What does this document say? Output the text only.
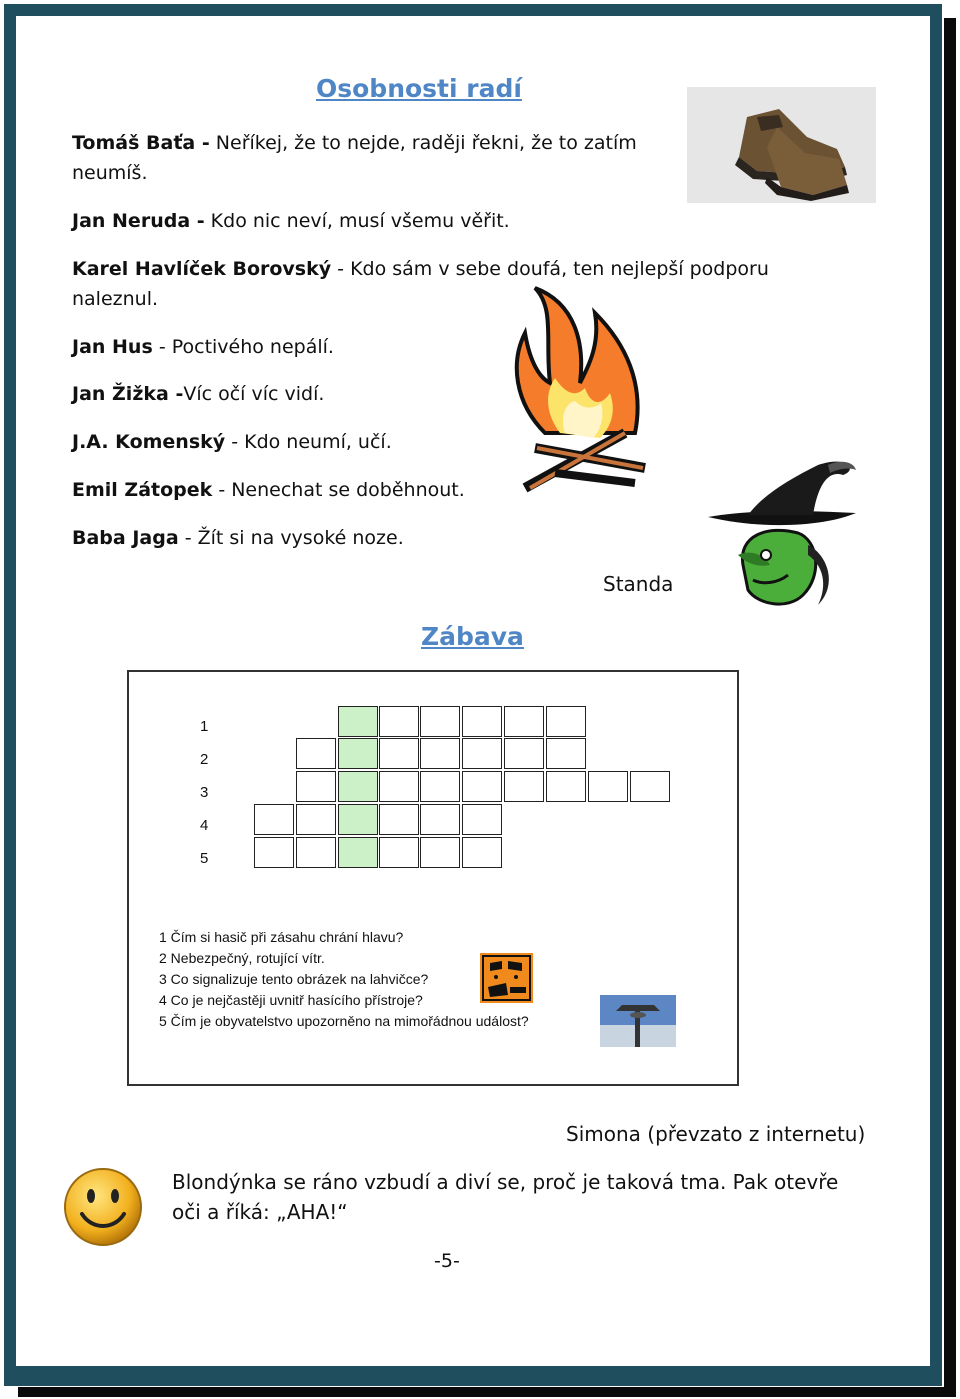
Osobnosti radí

Tomáš Baťa - Neříkej, že to nejde, raději řekni, že to zatím neumíš.

Jan Neruda - Kdo nic neví, musí všemu věřit.

Karel Havlíček Borovský - Kdo sám v sebe doufá, ten nejlepší podporu naleznul.

Jan Hus - Poctivého nepálí.

Jan Žižka -Víc očí víc vidí.

J.A. Komenský - Kdo neumí, učí.

Emil Zátopek - Nenechat se doběhnout.

Baba Jaga - Žít si na vysoké noze.

Standa

Zábava
1
2
3
4
5

1 Čím si hasič při zásahu chrání hlavu?

2 Nebezpečný, rotující vítr.

3 Co signalizuje tento obrázek na lahvičce?

4 Co je nejčastěji uvnitř hasícího přístroje?

5 Čím je obyvatelstvo upozorněno na mimořádnou událost?

Simona (převzato z internetu)

Blondýnka se ráno vzbudí a diví se, proč je taková tma. Pak otevře oči a říká: „AHA!“

-5-
